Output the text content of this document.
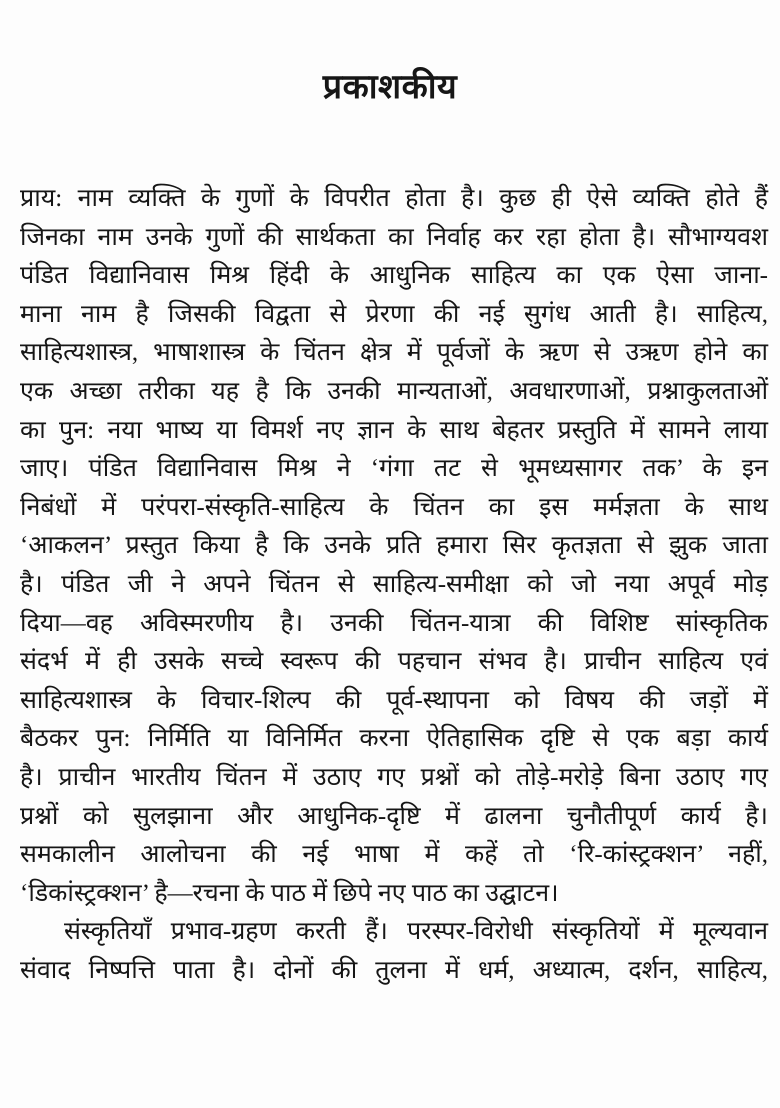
प्रकाशकीय
प्राय: नाम व्यक्ति के गुणों के विपरीत होता है। कुछ ही ऐसे व्यक्ति होते हैं
जिनका नाम उनके गुणों की सार्थकता का निर्वाह कर रहा होता है। सौभाग्यवश
पंडित विद्यानिवास मिश्र हिंदी के आधुनिक साहित्य का एक ऐसा जाना-
माना नाम है जिसकी विद्वता से प्रेरणा की नई सुगंध आती है। साहित्य,
साहित्यशास्त्र, भाषाशास्त्र के चिंतन क्षेत्र में पूर्वजों के ऋण से उऋण होने का
एक अच्छा तरीका यह है कि उनकी मान्यताओं, अवधारणाओं, प्रश्नाकुलताओं
का पुन: नया भाष्य या विमर्श नए ज्ञान के साथ बेहतर प्रस्तुति में सामने लाया
जाए। पंडित विद्यानिवास मिश्र ने ‘गंगा तट से भूमध्यसागर तक’ के इन
निबंधों में परंपरा-संस्कृति-साहित्य के चिंतन का इस मर्मज्ञता के साथ
‘आकलन’ प्रस्तुत किया है कि उनके प्रति हमारा सिर कृतज्ञता से झुक जाता
है। पंडित जी ने अपने चिंतन से साहित्य-समीक्षा को जो नया अपूर्व मोड़
दिया—वह अविस्मरणीय है। उनकी चिंतन-यात्रा की विशिष्ट सांस्कृतिक
संदर्भ में ही उसके सच्चे स्वरूप की पहचान संभव है। प्राचीन साहित्य एवं
साहित्यशास्त्र के विचार-शिल्प की पूर्व-स्थापना को विषय की जड़ों में
बैठकर पुन: निर्मिति या विनिर्मित करना ऐतिहासिक दृष्टि से एक बड़ा कार्य
है। प्राचीन भारतीय चिंतन में उठाए गए प्रश्नों को तोड़े-मरोड़े बिना उठाए गए
प्रश्नों को सुलझाना और आधुनिक-दृष्टि में ढालना चुनौतीपूर्ण कार्य है।
समकालीन आलोचना की नई भाषा में कहें तो ‘रि-कांस्ट्रक्शन’ नहीं,
‘डिकांस्ट्रक्शन’ है—रचना के पाठ में छिपे नए पाठ का उद्घाटन।
संस्कृतियाँ प्रभाव-ग्रहण करती हैं। परस्पर-विरोधी संस्कृतियों में मूल्यवान
संवाद निष्पत्ति पाता है। दोनों की तुलना में धर्म, अध्यात्म, दर्शन, साहित्य,
